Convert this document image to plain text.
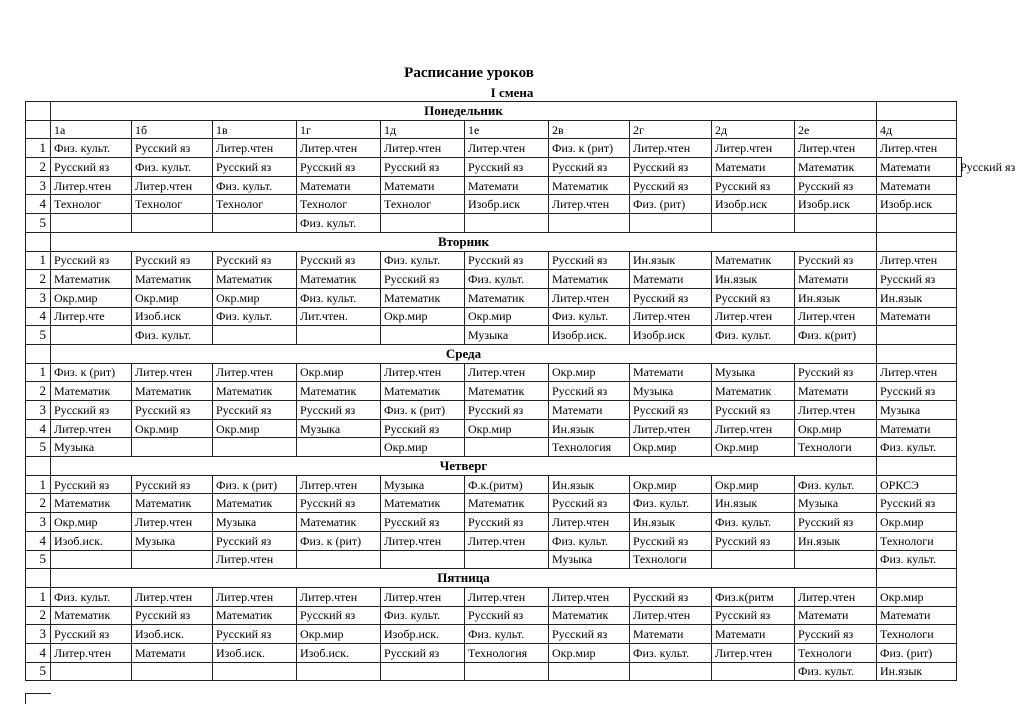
Расписание уроков
I смена
	Понедельник											
	1а	1б	1в	1г	1д	1е	2в	2г	2д	2е	4д	
1	Физ. культ.	Русский яз	Литер.чтен	Литер.чтен	Литер.чтен	Литер.чтен	Физ. к (рит)	Литер.чтен	Литер.чтен	Литер.чтен	Литер.чтен	
2	Русский яз	Физ. культ.	Русский яз	Русский яз	Русский яз	Русский яз	Русский яз	Русский яз	Математи	Математик	Математи	Русский яз
3	Литер.чтен	Литер.чтен	Физ. культ.	Математи	Математи	Математи	Математик	Русский яз	Русский яз	Русский яз	Математи	
4	Технолог	Технолог	Технолог	Технолог	Технолог	Изобр.иск	Литер.чтен	Физ. (рит)	Изобр.иск	Изобр.иск	Изобр.иск	
5				Физ. культ.								
	Вторник											
1	Русский яз	Русский яз	Русский яз	Русский яз	Физ. культ.	Русский яз	Русский яз	Ин.язык	Математик	Русский яз	Литер.чтен	
2	Математик	Математик	Математик	Математик	Русский яз	Физ. культ.	Математик	Математи	Ин.язык	Математи	Русский яз	
3	Окр.мир	Окр.мир	Окр.мир	Физ. культ.	Математик	Математик	Литер.чтен	Русский яз	Русский яз	Ин.язык	Ин.язык	
4	Литер.чте	Изоб.иск	Физ. культ.	Лит.чтен.	Окр.мир	Окр.мир	Физ. культ.	Литер.чтен	Литер.чтен	Литер.чтен	Математи	
5		Физ. культ.				Музыка	Изобр.иск.	Изобр.иск	Физ. культ.	Физ. к(рит)		
	Среда											
1	Физ. к (рит)	Литер.чтен	Литер.чтен	Окр.мир	Литер.чтен	Литер.чтен	Окр.мир	Математи	Музыка	Русский яз	Литер.чтен	
2	Математик	Математик	Математик	Математик	Математик	Математик	Русский яз	Музыка	Математик	Математи	Русский яз	
3	Русский яз	Русский яз	Русский яз	Русский яз	Физ. к (рит)	Русский яз	Математи	Русский яз	Русский яз	Литер.чтен	Музыка	
4	Литер.чтен	Окр.мир	Окр.мир	Музыка	Русский яз	Окр.мир	Ин.язык	Литер.чтен	Литер.чтен	Окр.мир	Математи	
5	Музыка				Окр.мир		Технология	Окр.мир	Окр.мир	Технологи	Физ. культ.	
	Четверг											
1	Русский яз	Русский яз	Физ. к (рит)	Литер.чтен	Музыка	Ф.к.(ритм)	Ин.язык	Окр.мир	Окр.мир	Физ. культ.	ОРКСЭ	
2	Математик	Математик	Математик	Русский яз	Математик	Математик	Русский яз	Физ. культ.	Ин.язык	Музыка	Русский яз	
3	Окр.мир	Литер.чтен	Музыка	Математик	Русский яз	Русский яз	Литер.чтен	Ин.язык	Физ. культ.	Русский яз	Окр.мир	
4	Изоб.иск.	Музыка	Русский яз	Физ. к (рит)	Литер.чтен	Литер.чтен	Физ. культ.	Русский яз	Русский яз	Ин.язык	Технологи	
5			Литер.чтен				Музыка	Технологи			Физ. культ.	
	Пятница											
1	Физ. культ.	Литер.чтен	Литер.чтен	Литер.чтен	Литер.чтен	Литер.чтен	Литер.чтен	Русский яз	Физ.к(ритм	Литер.чтен	Окр.мир	
2	Математик	Русский яз	Математик	Русский яз	Физ. культ.	Русский яз	Математик	Литер.чтен	Русский яз	Математи	Математи	
3	Русский яз	Изоб.иск.	Русский яз	Окр.мир	Изобр.иск.	Физ. культ.	Русский яз	Математи	Математи	Русский яз	Технологи	
4	Литер.чтен	Математи	Изоб.иск.	Изоб.иск.	Русский яз	Технология	Окр.мир	Физ. культ.	Литер.чтен	Технологи	Физ. (рит)	
5										Физ. культ.	Ин.язык	
